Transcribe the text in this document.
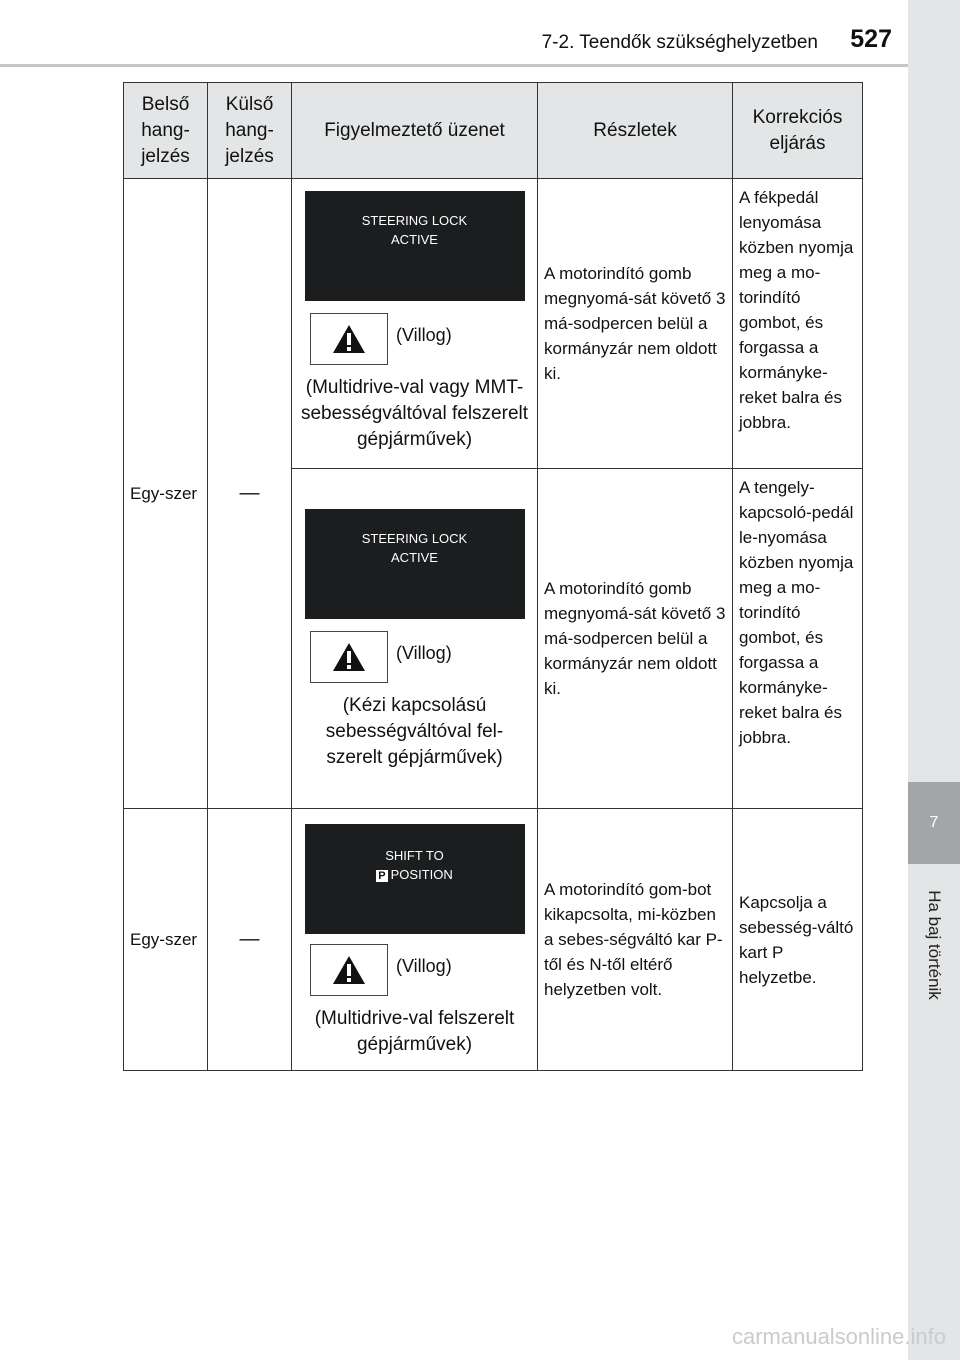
7
Ha baj történik
7-2. Teendők szükséghelyzetben 527
Belső hang-jelzés	Külső hang-jelzés	Figyelmeztető üzenet	Részletek	Korrekciós eljárás
Egy-szer	—	STEERING LOCK
ACTIVE
(Villog)
(Multidrive-val vagy MMT-sebességváltóval felszerelt gépjárművek)	A motorindító gomb megnyomá-sát követő 3 má-sodpercen belül a kormányzár nem oldott ki.	A fékpedál lenyomása közben nyomja meg a mo-torindító gombot, és forgassa a kormányke-reket balra és jobbra.

		STEERING LOCK
ACTIVE
(Villog)
(Kézi kapcsolású sebességváltóval fel-szerelt gépjárművek)	A motorindító gomb megnyomá-sát követő 3 má-sodpercen belül a kormányzár nem oldott ki.	A tengely-kapcsoló-pedál le-nyomása közben nyomja meg a mo-torindító gombot, és forgassa a kormányke-reket balra és jobbra.
Egy-szer	—	SHIFT TO
P POSITION
(Villog)
(Multidrive-val felszerelt gépjárművek)	A motorindító gom-bot kikapcsolta, mi-közben a sebes-ségváltó kar P-től és N-től eltérő helyzetben volt.	Kapcsolja a sebesség-váltó kart P helyzetbe.
carmanualsonline.info
